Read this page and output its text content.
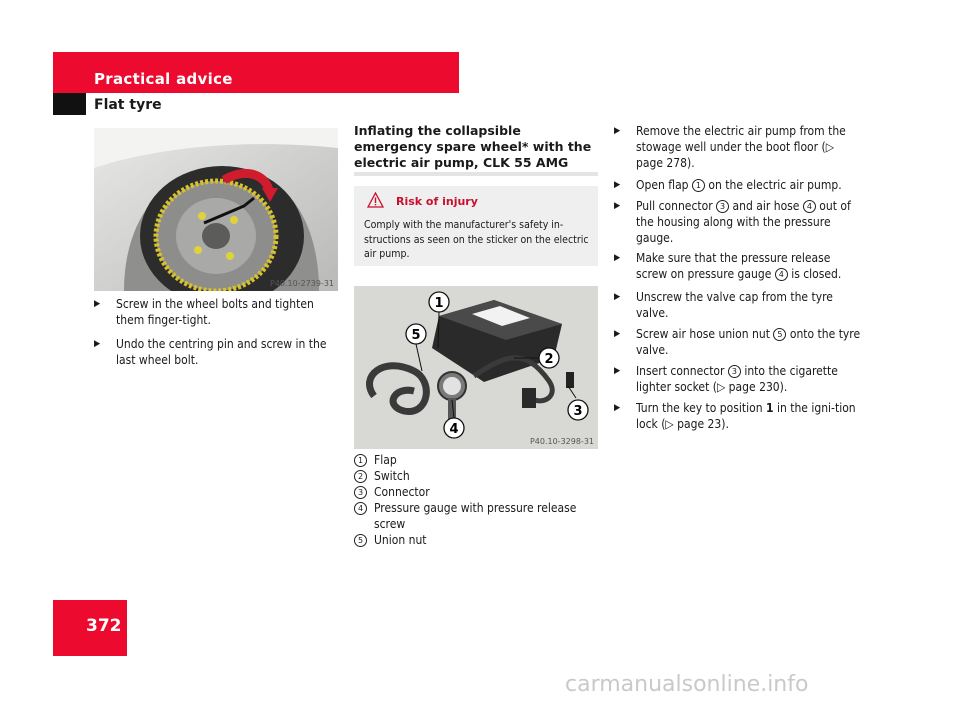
Practical advice
Flat tyre
P40.10-2739-31
▶	Screw in the wheel bolts and tighten them finger-tight.
▶	Undo the centring pin and screw in the last wheel bolt.
Inflating the collapsible emergency spare wheel* with the electric air pump, CLK 55 AMG
Risk of injury
Comply with the manufacturer's safety in-structions as seen on the sticker on the electric air pump.
1
2
3
4
5
P40.10-3298-31
1 Flap
2 Switch
3 Connector
4 Pressure gauge with pressure release screw
5 Union nut
▶	Remove the electric air pump from the stowage well under the boot floor (▷ page 278).
▶	Open flap 1 on the electric air pump.
▶	Pull connector 3 and air hose 4 out of the housing along with the pressure gauge.
▶	Make sure that the pressure release screw on pressure gauge 4 is closed.
▶	Unscrew the valve cap from the tyre valve.
▶	Screw air hose union nut 5 onto the tyre valve.
▶	Insert connector 3 into the cigarette lighter socket (▷ page 230).
▶	Turn the key to position 1 in the igni-tion lock (▷ page 23).
372
carmanualsonline.info
